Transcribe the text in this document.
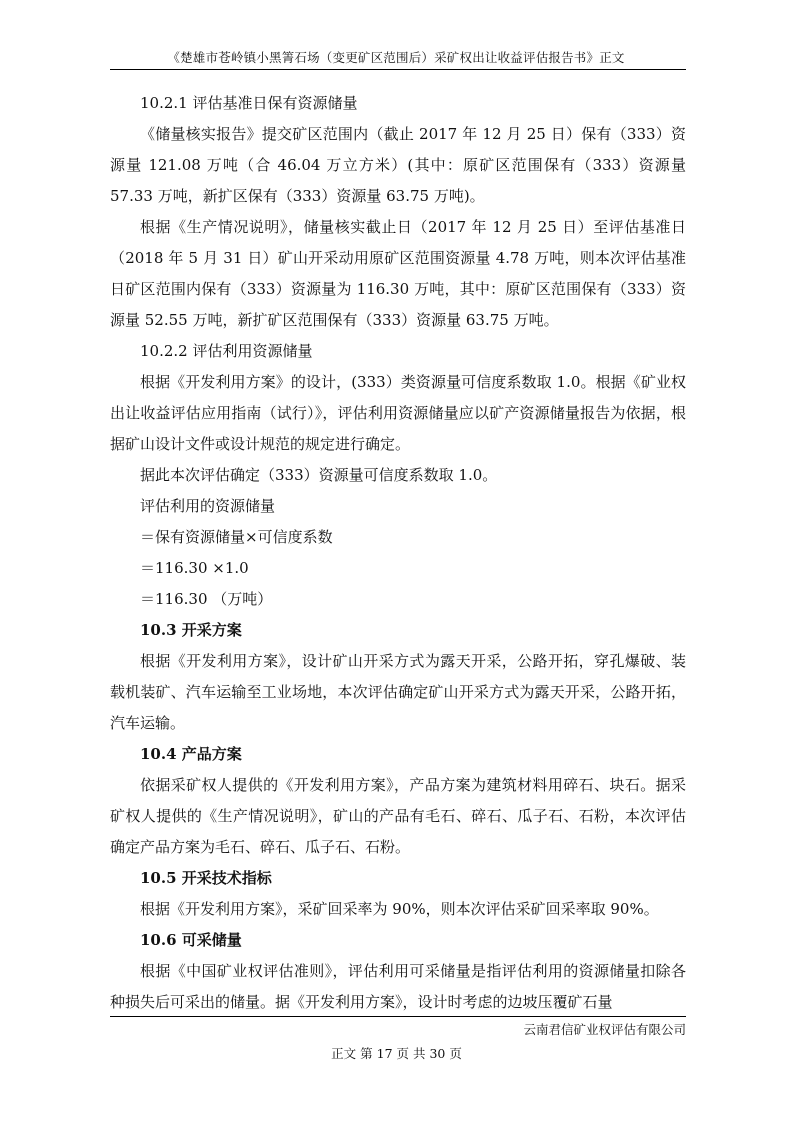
《楚雄市苍岭镇小黑箐石场（变更矿区范围后）采矿权出让收益评估报告书》正文

10.2.1 评估基准日保有资源储量

《储量核实报告》提交矿区范围内（截止 2017 年 12 月 25 日）保有（333）资源量 121.08 万吨（合 46.04 万立方米）(其中：原矿区范围保有（333）资源量 57.33 万吨，新扩区保有（333）资源量 63.75 万吨)。

根据《生产情况说明》，储量核实截止日（2017 年 12 月 25 日）至评估基准日（2018 年 5 月 31 日）矿山开采动用原矿区范围资源量 4.78 万吨，则本次评估基准日矿区范围内保有（333）资源量为 116.30 万吨，其中：原矿区范围保有（333）资源量 52.55 万吨，新扩矿区范围保有（333）资源量 63.75 万吨。

10.2.2 评估利用资源储量

根据《开发利用方案》的设计，(333）类资源量可信度系数取 1.0。根据《矿业权出让收益评估应用指南（试行）》，评估利用资源储量应以矿产资源储量报告为依据，根据矿山设计文件或设计规范的规定进行确定。

据此本次评估确定（333）资源量可信度系数取 1.0。

评估利用的资源储量

＝保有资源储量×可信度系数

＝116.30 ×1.0

＝116.30 （万吨）

10.3 开采方案

根据《开发利用方案》，设计矿山开采方式为露天开采，公路开拓，穿孔爆破、装载机装矿、汽车运输至工业场地，本次评估确定矿山开采方式为露天开采，公路开拓，汽车运输。

10.4 产品方案

依据采矿权人提供的《开发利用方案》，产品方案为建筑材料用碎石、块石。据采矿权人提供的《生产情况说明》，矿山的产品有毛石、碎石、瓜子石、石粉，本次评估确定产品方案为毛石、碎石、瓜子石、石粉。

10.5 开采技术指标

根据《开发利用方案》，采矿回采率为 90%，则本次评估采矿回采率取 90%。

10.6 可采储量

根据《中国矿业权评估准则》，评估利用可采储量是指评估利用的资源储量扣除各种损失后可采出的储量。据《开发利用方案》，设计时考虑的边坡压覆矿石量

云南君信矿业权评估有限公司
正文 第 17 页 共 30 页
